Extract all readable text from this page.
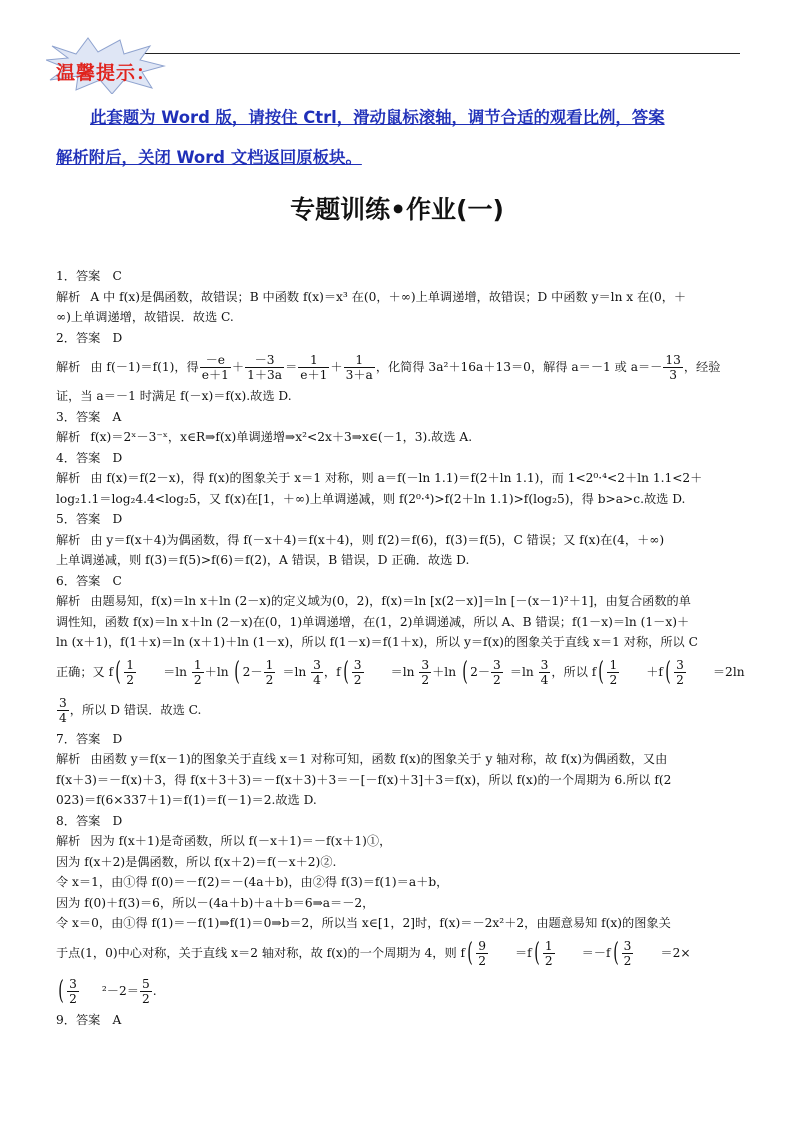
温馨提示：
此套题为 Word 版，请按住 Ctrl，滑动鼠标滚轴，调节合适的观看比例，答案
解析附后，关闭 Word 文档返回原板块。
专题训练•作业(一)
1．答案　 C
解析 A 中 f(x)是偶函数，故错误；B 中函数 f(x)＝x³ 在(0，＋∞)上单调递增，故错误；D 中函数 y＝ln x 在(0，＋
∞)上单调递增，故错误．故选 C.
2．答案　 D
解析 由 f(－1)＝f(1)，得 $\frac{-e}{e+1} + \frac{-3}{1+3a} = \frac{1}{e+1} + \frac{1}{3+a}$ ，化简得 3a²＋16a＋13＝0，解得 a＝－1 或 $a=- \frac{13}{3}$ ，经验
证，当 a＝－1 时满足 f(－x)＝f(x).故选 D.
3．答案　 A
解析 f(x)＝2ˣ－3⁻ˣ，x∈R⇒f(x)单调递增⇒x²<2x＋3⇒x∈(－1，3).故选 A.
4．答案　 D
解析 由 f(x)＝f(2－x)，得 f(x)的图象关于 x＝1 对称，则 a＝f(－ln 1.1)＝f(2＋ln 1.1)，而 1<2⁰·⁴<2＋ln 1.1<2＋
log₂1.1＝log₂4.4<log₂5，又 f(x)在[1，＋∞)上单调递减，则 f(2⁰·⁴)>f(2＋ln 1.1)>f(log₂5)，得 b>a>c.故选 D.
5．答案　 D
解析 由 y＝f(x＋4)为偶函数，得 f(－x＋4)＝f(x＋4)，则 f(2)＝f(6)，f(3)＝f(5)，C 错误；又 f(x)在(4，＋∞)
上单调递减，则 f(3)＝f(5)>f(6)＝f(2)，A 错误，B 错误，D 正确．故选 D.
6．答案　 C
解析 由题易知，f(x)＝ln x＋ln (2－x)的定义域为(0，2)，f(x)＝ln [x(2－x)]＝ln [－(x－1)²＋1]，由复合函数的单
调性知，函数 f(x)＝ln x＋ln (2－x)在(0，1)单调递增，在(1，2)单调递减，所以 A、B 错误；f(1－x)＝ln (1－x)＋
ln (x＋1)，f(1＋x)＝ln (x＋1)＋ln (1－x)，所以 f(1－x)＝f(1＋x)，所以 y＝f(x)的图象关于直线 x＝1 对称，所以 C
正确；又 $f( \frac{1}{2} =\ln \frac{1}{2} +\ln$ ( $2- \frac{1}{2} =\ln \frac{3}{4}$ ，$f( \frac{3}{2} =\ln \frac{3}{2} +\ln$ ( $2- \frac{3}{2} =\ln \frac{3}{4}$ ，所以 $f( \frac{1}{2} +f( \frac{3}{2} =2\ln$
$\frac{3}{4}$ ，所以 D 错误．故选 C.
7．答案　 D
解析 由函数 y＝f(x－1)的图象关于直线 x＝1 对称可知，函数 f(x)的图象关于 y 轴对称，故 f(x)为偶函数，又由
f(x＋3)＝－f(x)＋3，得 f(x＋3＋3)＝－f(x＋3)＋3＝－[－f(x)＋3]＋3＝f(x)，所以 f(x)的一个周期为 6.所以 f(2
023)＝f(6×337＋1)＝f(1)＝f(－1)＝2.故选 D.
8．答案　 D
解析 因为 f(x＋1)是奇函数，所以 f(－x＋1)＝－f(x＋1)①，
因为 f(x＋2)是偶函数，所以 f(x＋2)＝f(－x＋2)②.
令 x＝1，由①得 f(0)＝－f(2)＝－(4a＋b)，由②得 f(3)＝f(1)＝a＋b，
因为 f(0)＋f(3)＝6，所以－(4a＋b)＋a＋b＝6⇒a＝－2，
令 x＝0，由①得 f(1)＝－f(1)⇒f(1)＝0⇒b＝2，所以当 x∈[1，2]时，f(x)＝－2x²＋2，由题意易知 f(x)的图象关
于点(1，0)中心对称，关于直线 x＝2 轴对称，故 f(x)的一个周期为 4，则 $f( \frac{9}{2} =f( \frac{1}{2} =-f( \frac{3}{2} =2\times$
( $\frac{3}{2} ^2-2= \frac{5}{2}$ .
9．答案　 A
